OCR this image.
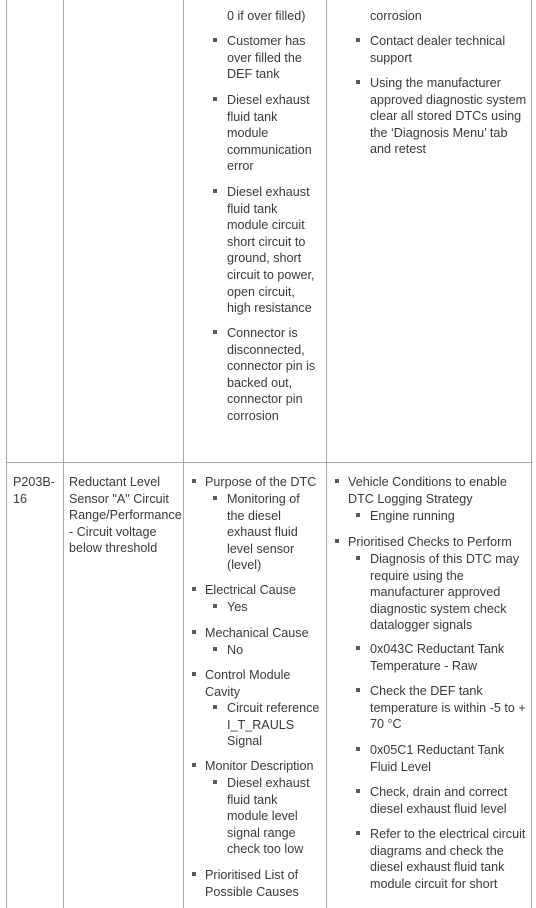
0 if over filled)
Customer has
over filled the
DEF tank
Diesel exhaust
fluid tank
module
communication
error
Diesel exhaust
fluid tank
module circuit
short circuit to
ground, short
circuit to power,
open circuit,
high resistance
Connector is
disconnected,
connector pin is
backed out,
connector pin
corrosion
corrosion
Contact dealer technical
support
Using the manufacturer
approved diagnostic system
clear all stored DTCs using
the ‘Diagnosis Menu’ tab
and retest
P203B-
16
Reductant Level
Sensor "A" Circuit
Range/Performance
- Circuit voltage
below threshold
Purpose of the DTC
Monitoring of
the diesel
exhaust fluid
level sensor
(level)
Electrical Cause
Yes
Mechanical Cause
No
Control Module
Cavity
Circuit reference
I_T_RAULS
Signal
Monitor Description
Diesel exhaust
fluid tank
module level
signal range
check too low
Prioritised List of
Possible Causes
Vehicle Conditions to enable
DTC Logging Strategy
Engine running
Prioritised Checks to Perform
Diagnosis of this DTC may
require using the
manufacturer approved
diagnostic system check
datalogger signals
0x043C Reductant Tank
Temperature - Raw
Check the DEF tank
temperature is within -5 to +
70 °C
0x05C1 Reductant Tank
Fluid Level
Check, drain and correct
diesel exhaust fluid level
Refer to the electrical circuit
diagrams and check the
diesel exhaust fluid tank
module circuit for short
